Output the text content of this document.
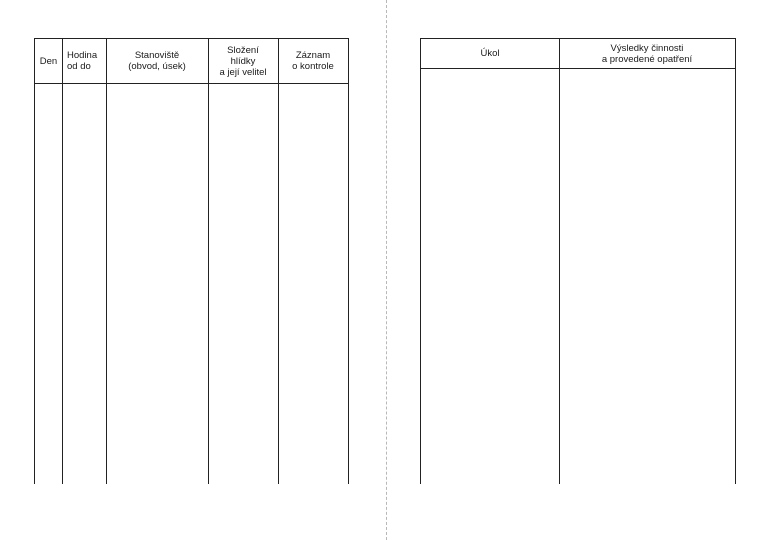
Den	Hodina
od do
Stanoviště
(obvod, úsek)
Složení
hlídky
a její velitel
Záznam
o kontrole
Úkol	Výsledky činnosti
a provedené opatření
